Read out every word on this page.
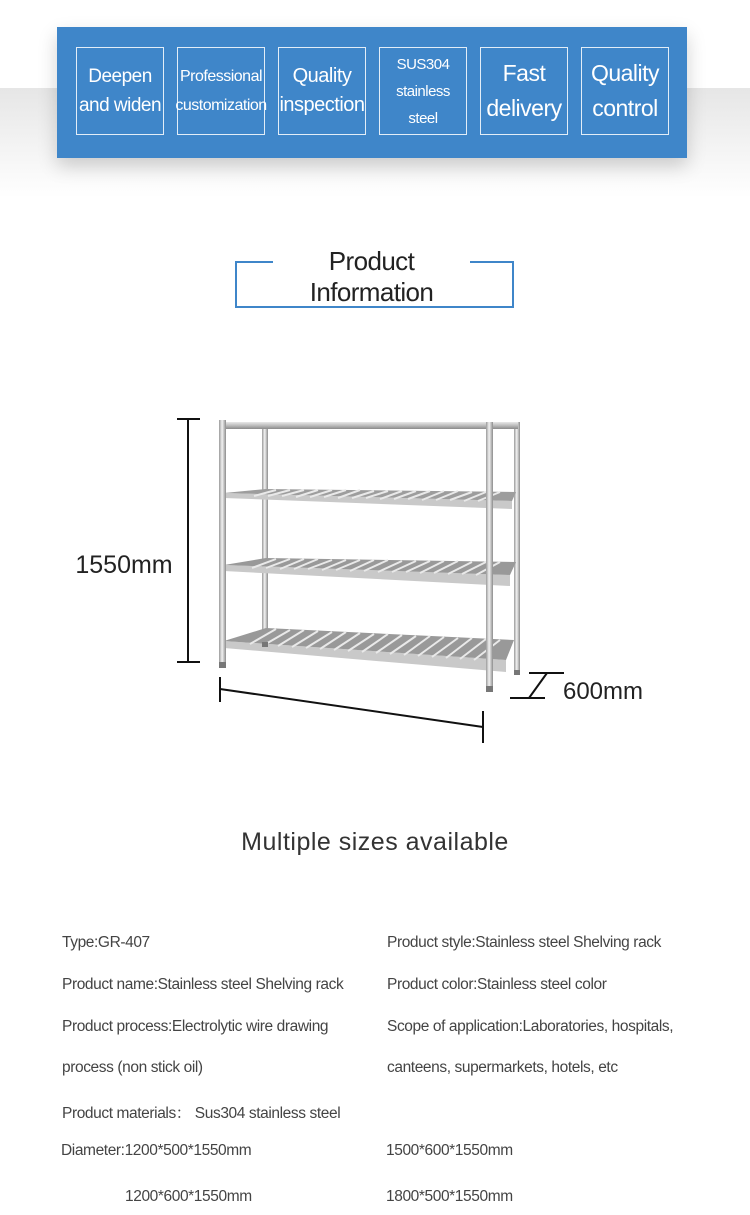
Deepen
and widen
Professional
customization
Quality
inspection
SUS304
stainless steel
Fast
delivery
Quality
control
Product Information
1550mm
600mm
Multiple sizes available
Type:GR-407	Product style:Stainless steel Shelving rack
Product name:Stainless steel Shelving rack	Product color:Stainless steel color
Product process:Electrolytic wire drawing	Scope of application:Laboratories, hospitals,
process (non stick oil)	canteens, supermarkets, hotels, etc
Product materials： Sus304 stainless steel
Diameter:1200*500*1550mm	1500*600*1550mm
1200*600*1550mm	1800*500*1550mm
